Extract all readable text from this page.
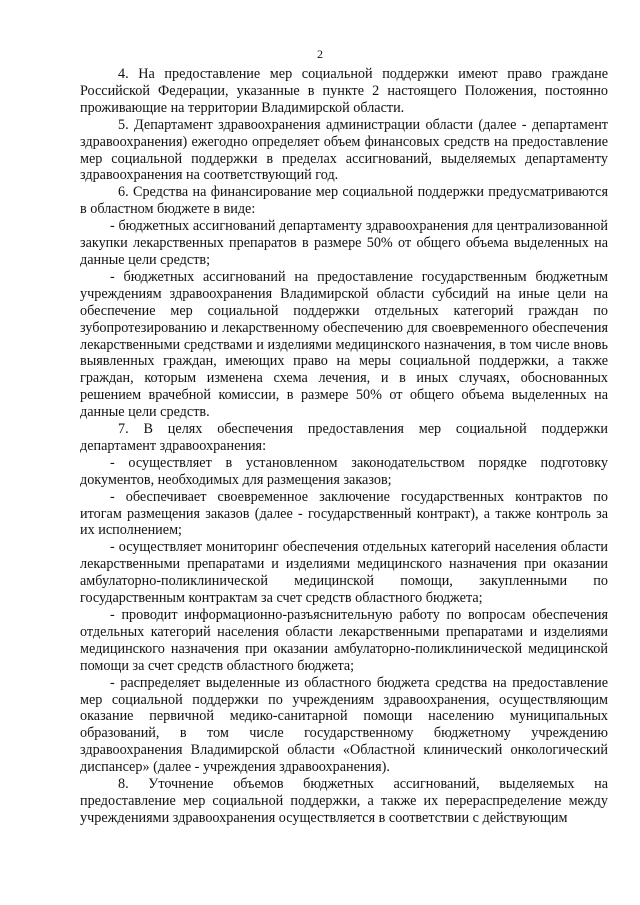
2

4. На предоставление мер социальной поддержки имеют право граждане Российской Федерации, указанные в пункте 2 настоящего Положения, постоянно проживающие на территории Владимирской области.

5. Департамент здравоохранения администрации области (далее - департамент здравоохранения) ежегодно определяет объем финансовых средств на предоставление мер социальной поддержки в пределах ассигнований, выделяемых департаменту здравоохранения на соответствующий год.

6. Средства на финансирование мер социальной поддержки предусматриваются в областном бюджете в виде:

- бюджетных ассигнований департаменту здравоохранения для централизованной закупки лекарственных препаратов в размере 50% от общего объема выделенных на данные цели средств;

- бюджетных ассигнований на предоставление государственным бюджетным учреждениям здравоохранения Владимирской области субсидий на иные цели на обеспечение мер социальной поддержки отдельных категорий граждан по зубопротезированию и лекарственному обеспечению для своевременного обеспечения лекарственными средствами и изделиями медицинского назначения, в том числе вновь выявленных граждан, имеющих право на меры социальной поддержки, а также граждан, которым изменена схема лечения, и в иных случаях, обоснованных решением врачебной комиссии, в размере 50% от общего объема выделенных на данные цели средств.

7. В целях обеспечения предоставления мер социальной поддержки департамент здравоохранения:

- осуществляет в установленном законодательством порядке подготовку документов, необходимых для размещения заказов;

- обеспечивает своевременное заключение государственных контрактов по итогам размещения заказов (далее - государственный контракт), а также контроль за их исполнением;

- осуществляет мониторинг обеспечения отдельных категорий населения области лекарственными препаратами и изделиями медицинского назначения при оказании амбулаторно-поликлинической медицинской помощи, закупленными по государственным контрактам за счет средств областного бюджета;

- проводит информационно-разъяснительную работу по вопросам обеспечения отдельных категорий населения области лекарственными препаратами и изделиями медицинского назначения при оказании амбулаторно-поликлинической медицинской помощи за счет средств областного бюджета;

- распределяет выделенные из областного бюджета средства на предоставление мер социальной поддержки по учреждениям здравоохранения, осуществляющим оказание первичной медико-санитарной помощи населению муниципальных образований, в том числе государственному бюджетному учреждению здравоохранения Владимирской области «Областной клинический онкологический диспансер» (далее - учреждения здравоохранения).

8. Уточнение объемов бюджетных ассигнований, выделяемых на предоставление мер социальной поддержки, а также их перераспределение между учреждениями здравоохранения осуществляется в соответствии с действующим
